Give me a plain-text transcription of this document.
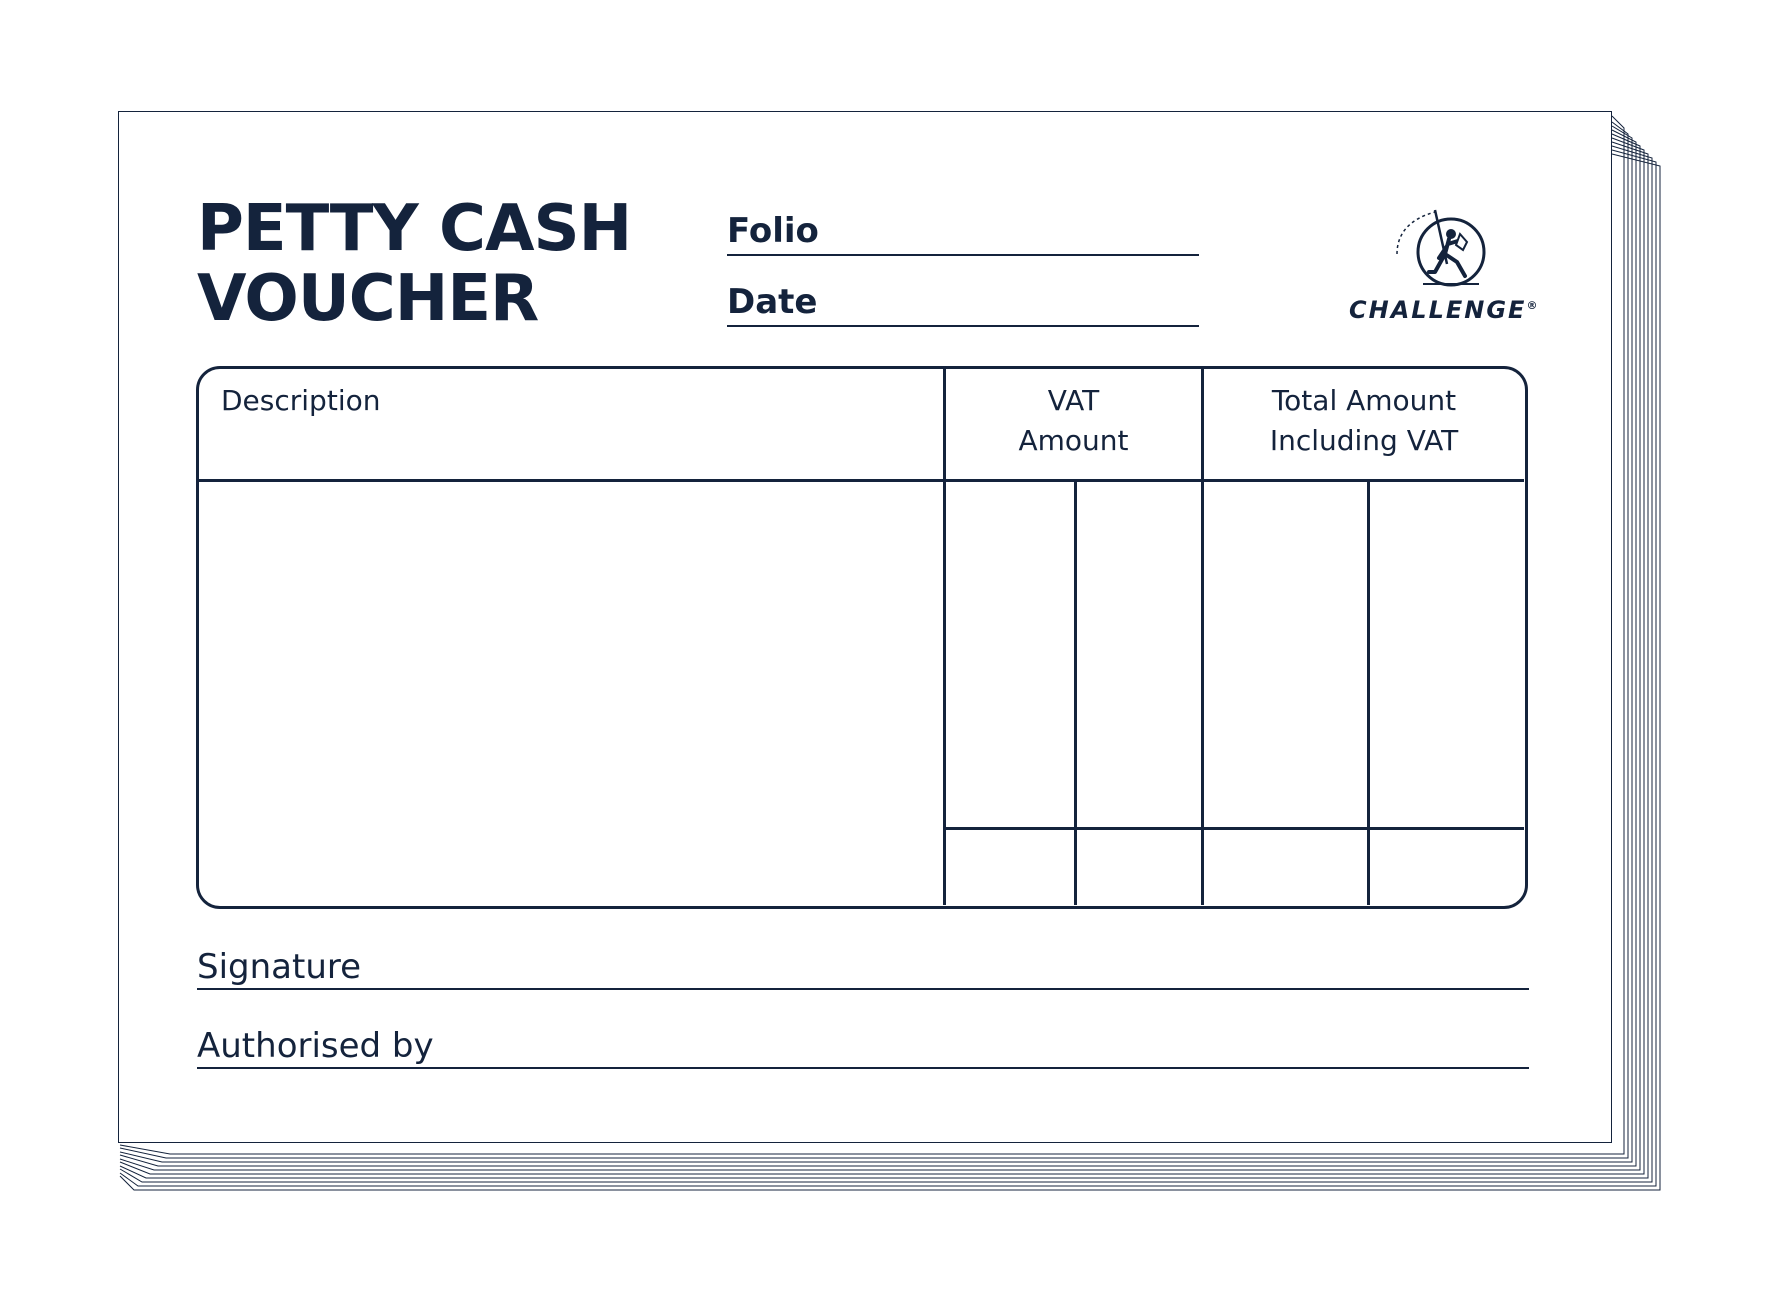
PETTY CASH
VOUCHER
Folio
Date	CHALLENGE®
Description	VAT
Amount
Total Amount
Including VAT
Signature
Authorised by
